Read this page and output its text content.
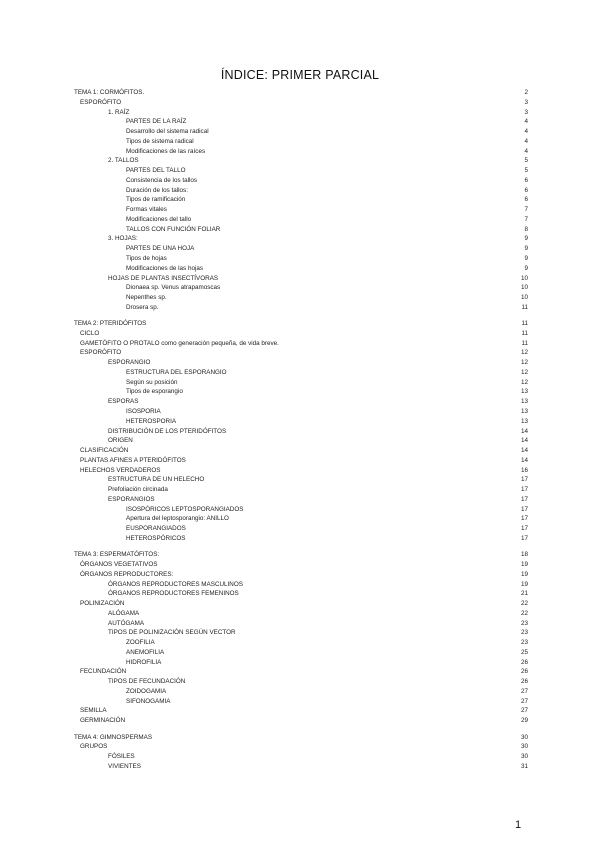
ÍNDICE: PRIMER PARCIAL
TEMA 1: CORMÓFITOS.	2
ESPORÓFITO	3
1. RAÍZ	3
PARTES DE LA RAÍZ	4
Desarrollo del sistema radical	4
Tipos de sistema radical	4
Modificaciones de las raíces	4
2. TALLOS	5
PARTES DEL TALLO	5
Consistencia de los tallos	6
Duración de los tallos:	6
Tipos de ramificación	6
Formas vitales	7
Modificaciones del tallo	7
TALLOS CON FUNCIÓN FOLIAR	8
3. HOJAS:	9
PARTES DE UNA HOJA	9
Tipos de hojas	9
Modificaciones de las hojas	9
HOJAS DE PLANTAS INSECTÍVORAS	10
Dionaea sp. Venus atrapamoscas	10
Nepenthes sp.	10
Drosera sp.	11
TEMA 2: PTERIDÓFITOS	11
CICLO	11
GAMETÓFITO O PROTALO como generación pequeña, de vida breve.	11
ESPORÓFITO	12
ESPORANGIO	12
ESTRUCTURA DEL ESPORANGIO	12
Según su posición	12
Tipos de esporangio	13
ESPORAS	13
ISOSPORIA	13
HETEROSPORIA	13
DISTRIBUCIÓN DE LOS PTERIDÓFITOS	14
ORIGEN	14
CLASIFICACIÓN	14
PLANTAS AFINES A PTERIDÓFITOS	14
HELECHOS VERDADEROS	16
ESTRUCTURA DE UN HELECHO	17
Prefoliación circinada	17
ESPORANGIOS	17
ISOSPÓRICOS LEPTOSPORANGIADOS	17
Apertura del leptosporangio: ANILLO	17
EUSPORANGIADOS	17
HETEROSPÓRICOS	17
TEMA 3: ESPERMATÓFITOS:	18
ÓRGANOS VEGETATIVOS	19
ÓRGANOS REPRODUCTORES:	19
ÓRGANOS REPRODUCTORES MASCULINOS	19
ÓRGANOS REPRODUCTORES FEMENINOS	21
POLINIZACIÓN	22
ALÓGAMA	22
AUTÓGAMA	23
TIPOS DE POLINIZACIÓN SEGÚN VECTOR	23
ZOOFILIA	23
ANEMOFILIA	25
HIDROFILIA	26
FECUNDACIÓN	26
TIPOS DE FECUNDACIÓN	26
ZOIDOGAMIA	27
SIFONOGAMIA	27
SEMILLA	27
GERMINACIÓN	29
TEMA 4: GIMNOSPERMAS	30
GRUPOS	30
FÓSILES	30
VIVIENTES	31
1
